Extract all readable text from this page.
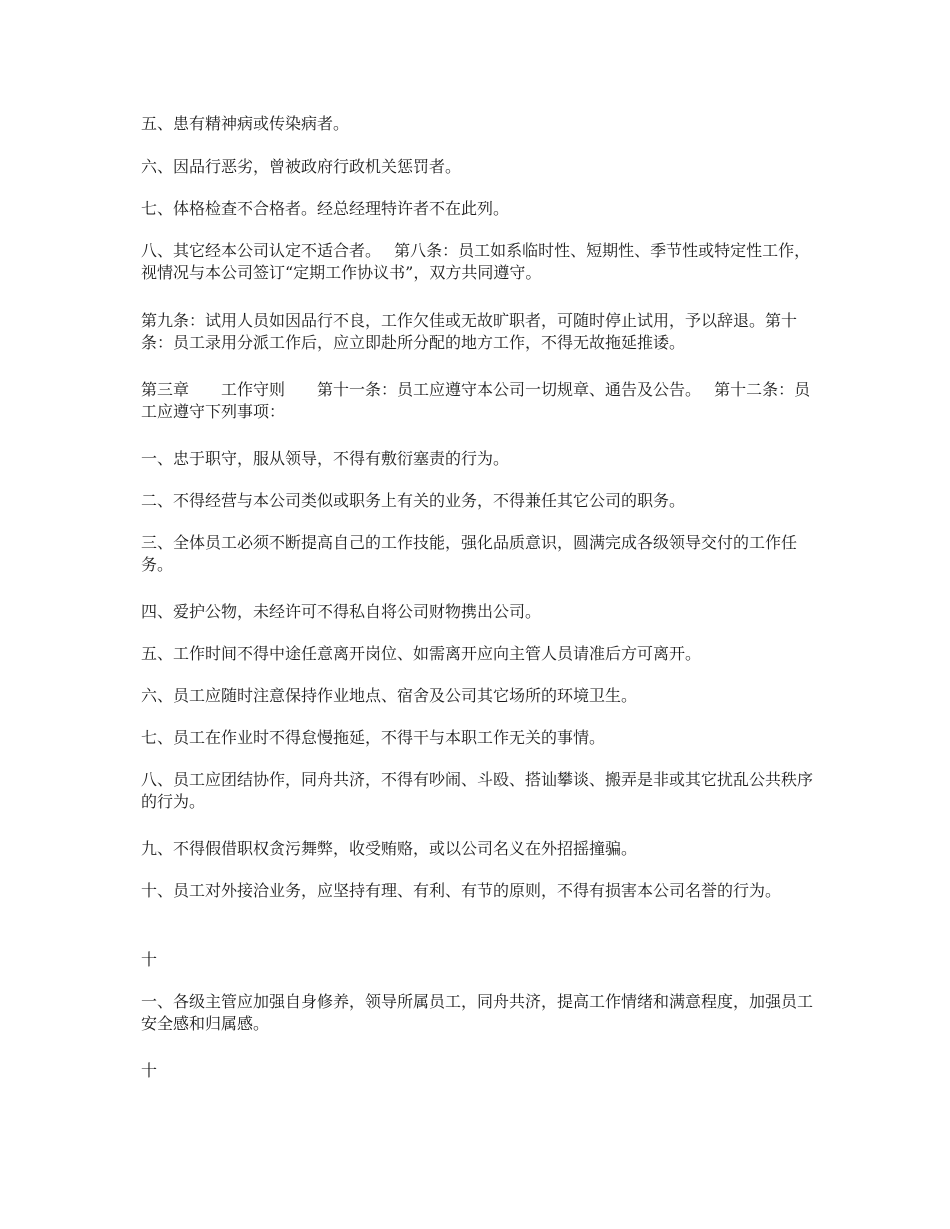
五、患有精神病或传染病者。

六、因品行恶劣，曾被政府行政机关惩罚者。

七、体格检查不合格者。经总经理特许者不在此列。

八、其它经本公司认定不适合者。　 第八条：员工如系临时性、短期性、季节性或特定性工作，视情况与本公司签订“定期工作协议书”，双方共同遵守。

第九条：试用人员如因品行不良，工作欠佳或无故旷职者，可随时停止试用，予以辞退。第十条：员工录用分派工作后，应立即赴所分配的地方工作，不得无故拖延推诿。

第三章　　工作守则　　第十一条：员工应遵守本公司一切规章、通告及公告。　 第十二条：员工应遵守下列事项：

一、忠于职守，服从领导，不得有敷衍塞责的行为。

二、不得经营与本公司类似或职务上有关的业务，不得兼任其它公司的职务。

三、全体员工必须不断提高自己的工作技能，强化品质意识，圆满完成各级领导交付的工作任务。

四、爱护公物，未经许可不得私自将公司财物携出公司。

五、工作时间不得中途任意离开岗位、如需离开应向主管人员请准后方可离开。

六、员工应随时注意保持作业地点、宿舍及公司其它场所的环境卫生。

七、员工在作业时不得怠慢拖延，不得干与本职工作无关的事情。

八、员工应团结协作，同舟共济，不得有吵闹、斗殴、搭讪攀谈、搬弄是非或其它扰乱公共秩序的行为。

九、不得假借职权贪污舞弊，收受贿赂，或以公司名义在外招摇撞骗。

十、员工对外接洽业务，应坚持有理、有利、有节的原则，不得有损害本公司名誉的行为。

十

一、各级主管应加强自身修养，领导所属员工，同舟共济，提高工作情绪和满意程度，加强员工安全感和归属感。

十
